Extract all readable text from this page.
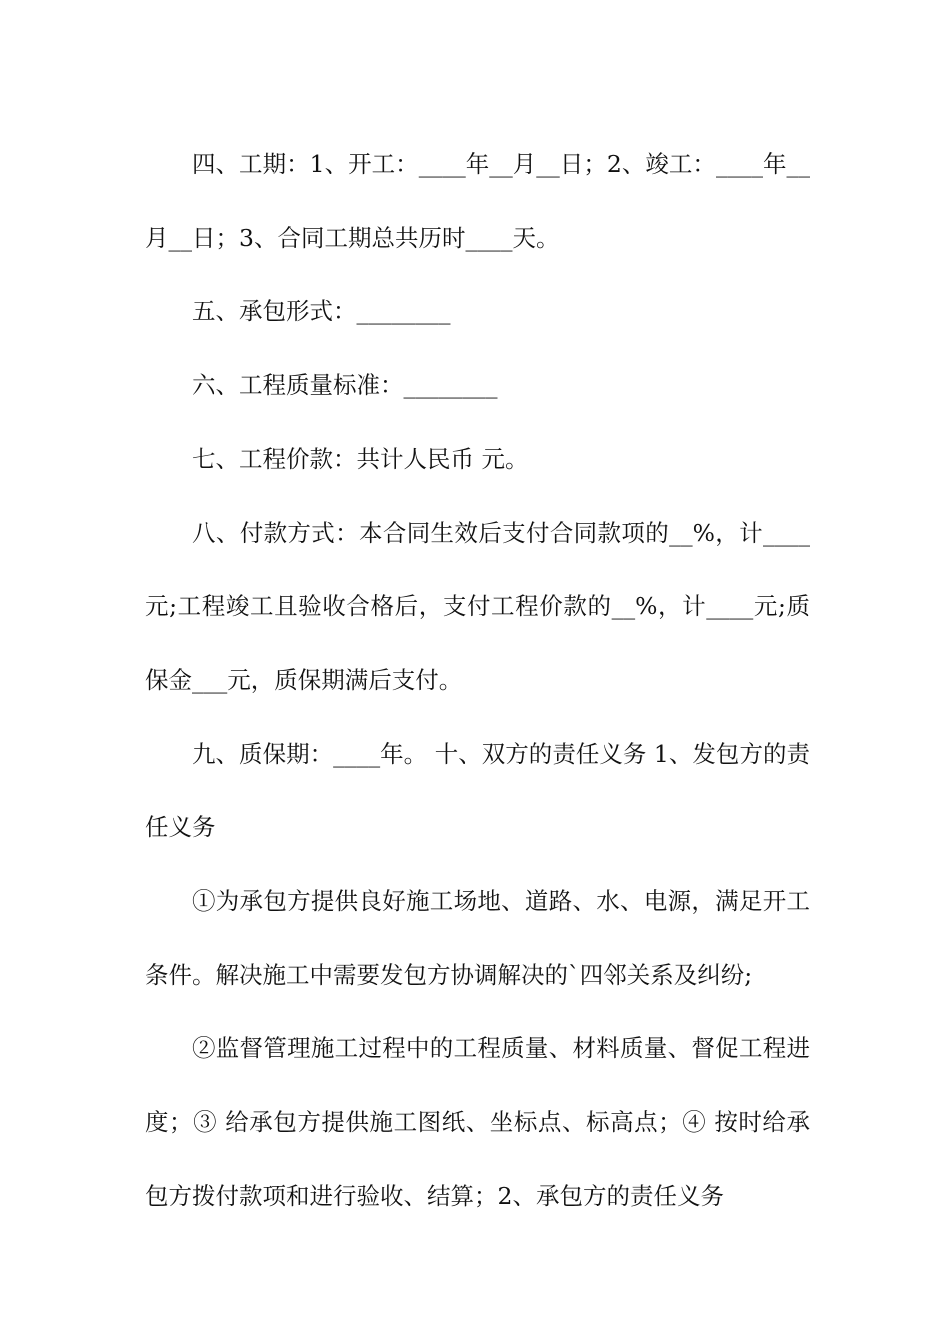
四、工期：1、开工：____年__月__日；2、竣工：____年__月__日；3、合同工期总共历时____天。

五、承包形式：________

六、工程质量标准：________

七、工程价款：共计人民币 元。

八、付款方式：本合同生效后支付合同款项的__%，计____元;工程竣工且验收合格后，支付工程价款的__%，计____元;质保金___元，质保期满后支付。

九、质保期：____年。 十、双方的责任义务 1、发包方的责任义务

①为承包方提供良好施工场地、道路、水、电源，满足开工条件。解决施工中需要发包方协调解决的`四邻关系及纠纷;

②监督管理施工过程中的工程质量、材料质量、督促工程进度；③ 给承包方提供施工图纸、坐标点、标高点；④ 按时给承包方拨付款项和进行验收、结算；2、承包方的责任义务
